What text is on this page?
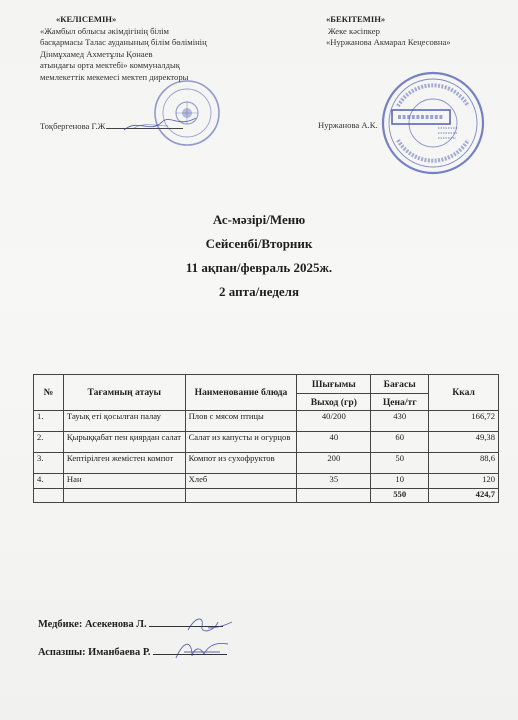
«КЕЛІСЕМІН»
«Жамбыл облысы әкімдігінің білім
басқармасы Талас ауданының білім бөлімінің
Дінмұхамед Ахметұлы Қонаев
атындағы орта мектебі» коммуналдық
мемлекеттік мекемесі мектеп директоры
«БЕКІТЕМІН»
Жеке кәсіпкер
«Нуржанова Акмарал Кеңесовна»
Тоқбергенова Г.Ж.	Нуржанова А.К.

Ас-мәзірі/Меню

Сейсенбі/Вторник

11 ақпан/февраль 2025ж.

2 апта/неделя

№	Тағамның атауы	Наименование блюда	Шығымы	Бағасы	Ккал
			Выход (гр)	Цена/тг	
1.	Тауық еті қосылған палау	Плов с мясом птицы	40/200	430	166,72
2.	Қырыққабат пен қиярдан салат	Салат из капусты и огурцов	40	60	49,38
3.	Кептірілген жемістен компот	Компот из сухофруктов	200	50	88,6
4.	Нан	Хлеб	35	10	120
				550	424,7
Медбике: Асекенова Л.
Аспазшы: Иманбаева Р.
